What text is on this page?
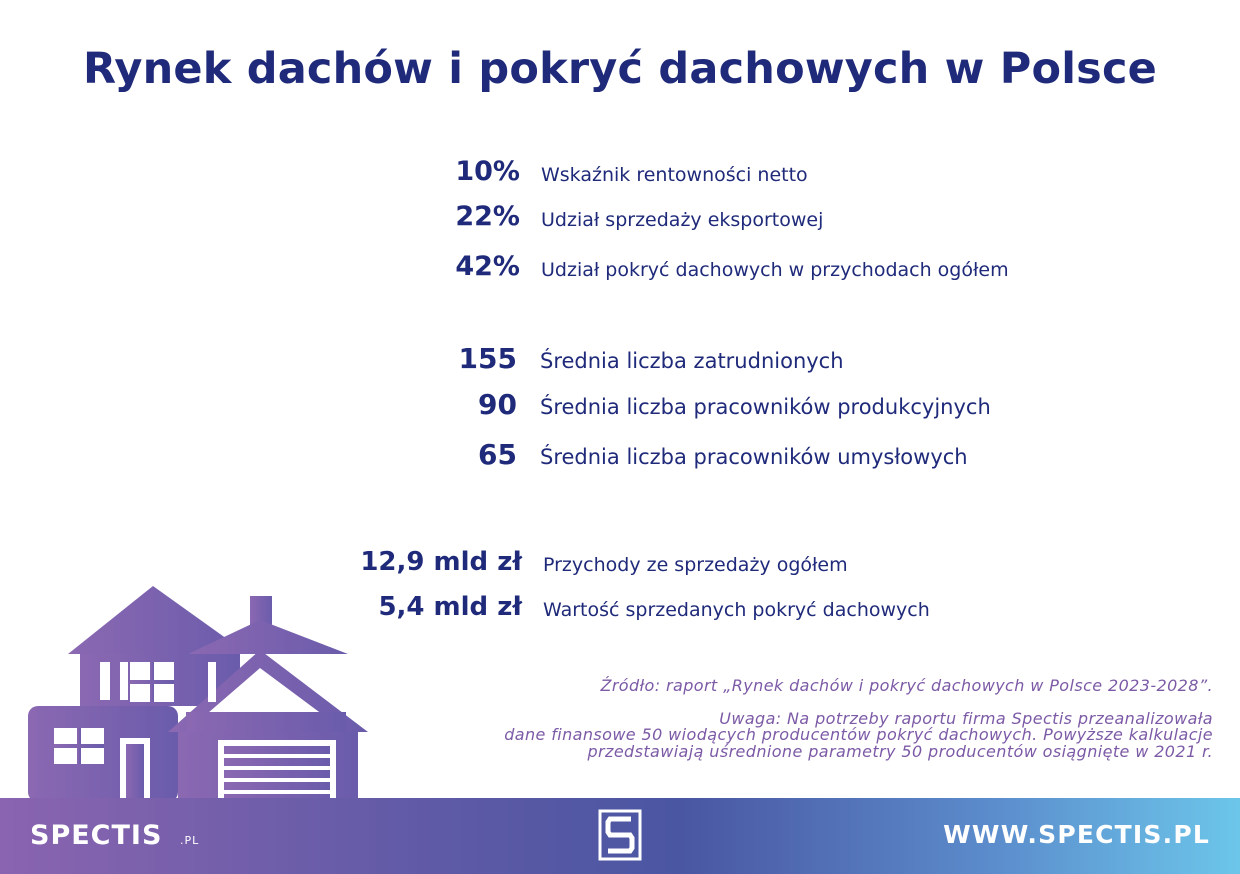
Rynek dachów i pokryć dachowych w Polsce
10% Wskaźnik rentowności netto
22% Udział sprzedaży eksportowej
42% Udział pokryć dachowych w przychodach ogółem
155 Średnia liczba zatrudnionych
90 Średnia liczba pracowników produkcyjnych
65 Średnia liczba pracowników umysłowych
12,9 mld zł Przychody ze sprzedaży ogółem
5,4 mld zł Wartość sprzedanych pokryć dachowych
Źródło: raport „Rynek dachów i pokryć dachowych w Polsce 2023-2028”.
Uwaga: Na potrzeby raportu firma Spectis przeanalizowała
dane finansowe 50 wiodących producentów pokryć dachowych. Powyższe kalkulacje
przedstawiają uśrednione parametry 50 producentów osiągnięte w 2021 r.
SPECTIS .PL	WWW.SPECTIS.PL
